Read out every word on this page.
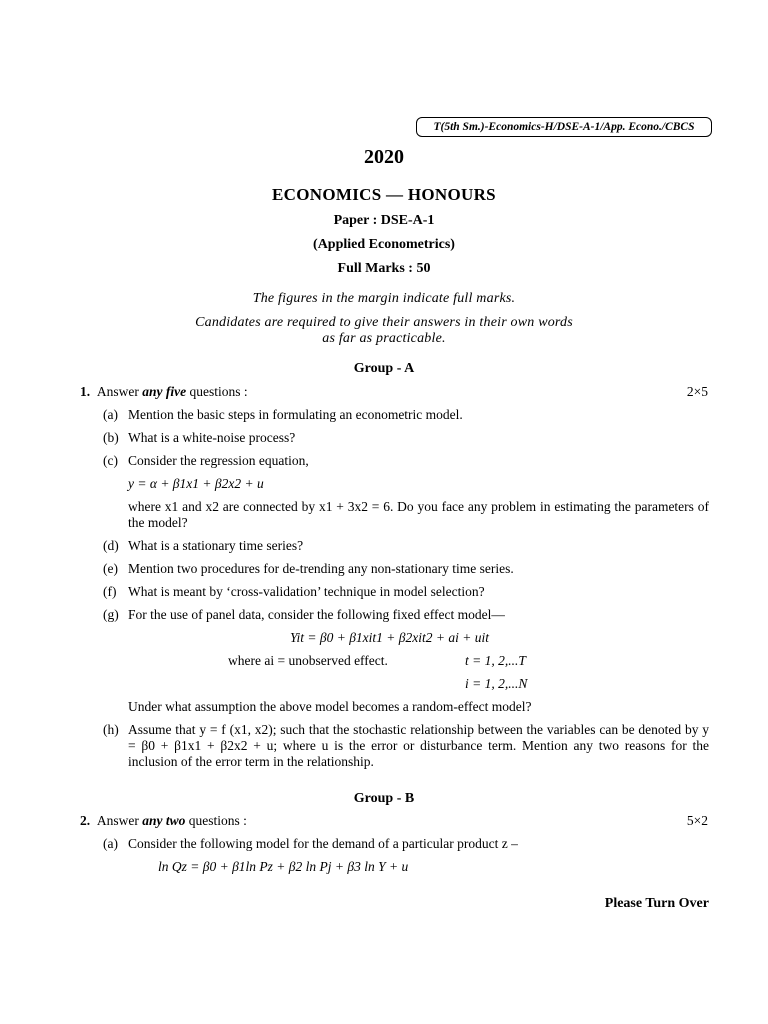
T(5th Sm.)-Economics-H/DSE-A-1/App. Econo./CBCS
2020
ECONOMICS — HONOURS
Paper : DSE-A-1
(Applied Econometrics)
Full Marks : 50
The figures in the margin indicate full marks.
Candidates are required to give their answers in their own words
as far as practicable.
Group - A
1. Answer any five questions :	2×5
(a) Mention the basic steps in formulating an econometric model.
(b) What is a white-noise process?
(c) Consider the regression equation,
y = α + β1x1 + β2x2 + u
where x1 and x2 are connected by x1 + 3x2 = 6. Do you face any problem in estimating the parameters of the model?
(d) What is a stationary time series?
(e) Mention two procedures for de-trending any non-stationary time series.
(f) What is meant by ‘cross-validation’ technique in model selection?
(g) For the use of panel data, consider the following fixed effect model—
Yit = β0 + β1xit1 + β2xit2 + ai + uit
where ai = unobserved effect.	t = 1, 2,...T
i = 1, 2,...N
Under what assumption the above model becomes a random-effect model?
(h) Assume that y = f (x1, x2); such that the stochastic relationship between the variables can be denoted by y = β0 + β1x1 + β2x2 + u; where u is the error or disturbance term. Mention any two reasons for the inclusion of the error term in the relationship.
Group - B
2. Answer any two questions :	5×2
(a) Consider the following model for the demand of a particular product z –
ln Qz = β0 + β1ln Pz + β2 ln Pj + β3 ln Y + u
Please Turn Over
